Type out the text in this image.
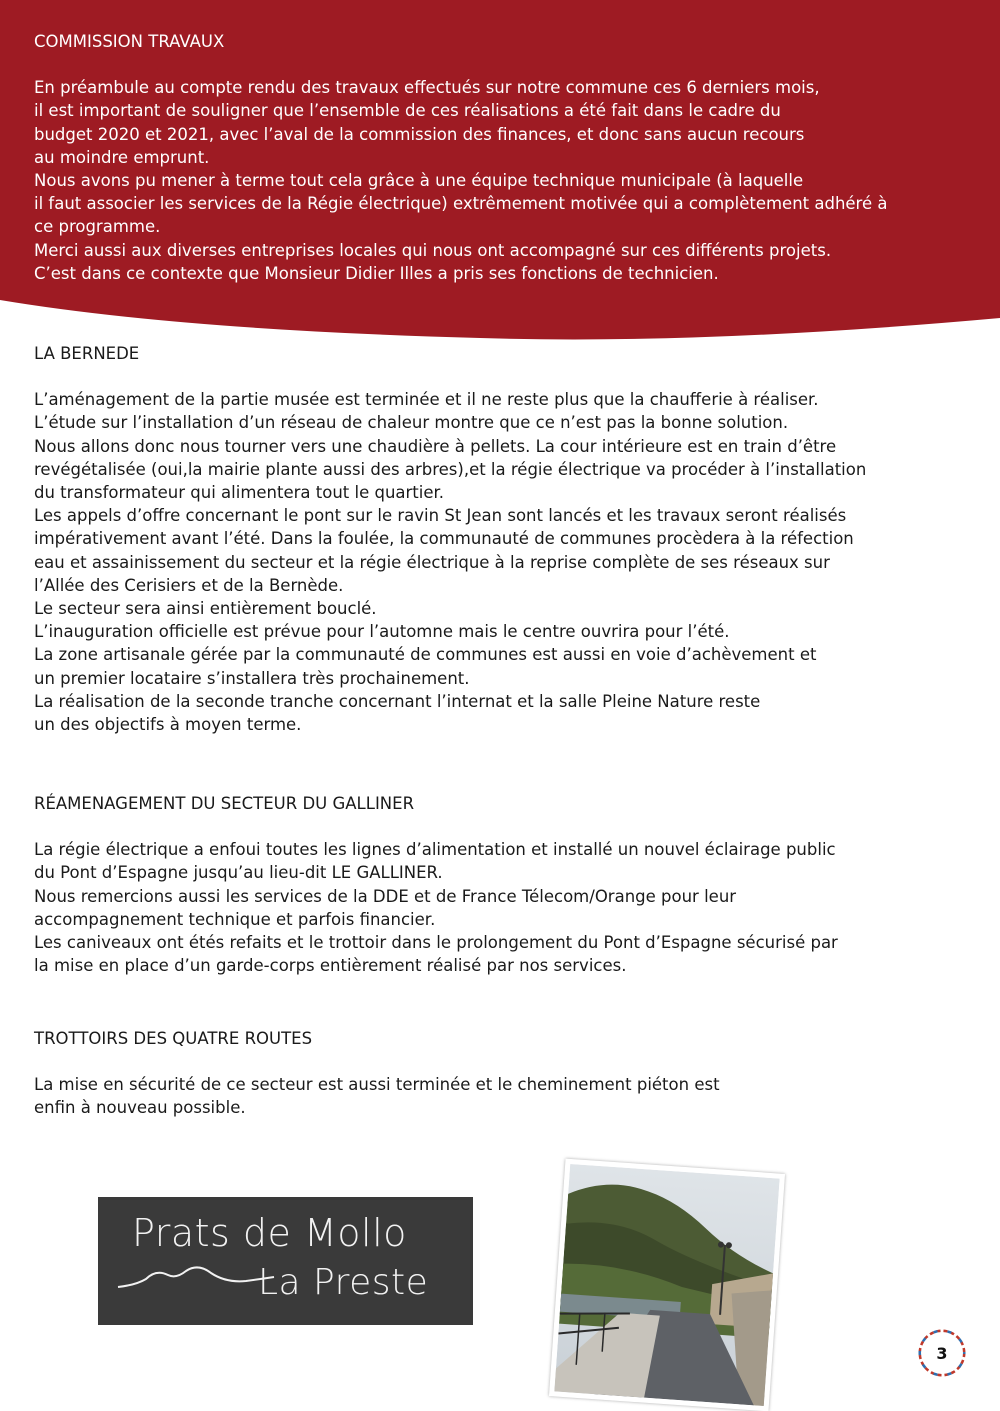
COMMISSION TRAVAUX
En préambule au compte rendu des travaux effectués sur notre commune ces 6 derniers mois,
il est important de souligner que l’ensemble de ces réalisations a été fait dans le cadre du
budget 2020 et 2021, avec l’aval de la commission des finances, et donc sans aucun recours
au moindre emprunt.
Nous avons pu mener à terme tout cela grâce à une équipe technique municipale (à laquelle
il faut associer les services de la Régie électrique) extrêmement motivée qui a complètement adhéré à
ce programme.
Merci aussi aux diverses entreprises locales qui nous ont accompagné sur ces différents projets.
C’est dans ce contexte que Monsieur Didier Illes a pris ses fonctions de technicien.
LA BERNEDE
L’aménagement de la partie musée est terminée et il ne reste plus que la chaufferie à réaliser.
L’étude sur l’installation d’un réseau de chaleur montre que ce n’est pas la bonne solution.
Nous allons donc nous tourner vers une chaudière à pellets. La cour intérieure est en train d’être
revégétalisée (oui,la mairie plante aussi des arbres),et la régie électrique va procéder à l’installation
du transformateur qui alimentera tout le quartier.
Les appels d’offre concernant le pont sur le ravin St Jean sont lancés et les travaux seront réalisés
impérativement avant l’été. Dans la foulée, la communauté de communes procèdera à la réfection
eau et assainissement du secteur et la régie électrique à la reprise complète de ses réseaux sur
l’Allée des Cerisiers et de la Bernède.
Le secteur sera ainsi entièrement bouclé.
L’inauguration officielle est prévue pour l’automne mais le centre ouvrira pour l’été.
La zone artisanale gérée par la communauté de communes est aussi en voie d’achèvement et
un premier locataire s’installera très prochainement.
La réalisation de la seconde tranche concernant l’internat et la salle Pleine Nature reste
un des objectifs à moyen terme.
RÉAMENAGEMENT DU SECTEUR DU GALLINER
La régie électrique a enfoui toutes les lignes d’alimentation et installé un nouvel éclairage public
du Pont d’Espagne jusqu’au lieu-dit LE GALLINER.
Nous remercions aussi les services de la DDE et de France Télecom/Orange pour leur
accompagnement technique et parfois financier.
Les caniveaux ont étés refaits et le trottoir dans le prolongement du Pont d’Espagne sécurisé par
la mise en place d’un garde-corps entièrement réalisé par nos services.
TROTTOIRS DES QUATRE ROUTES
La mise en sécurité de ce secteur est aussi terminée et le cheminement piéton est
enfin à nouveau possible.
Prats de Mollo
La Preste
3
